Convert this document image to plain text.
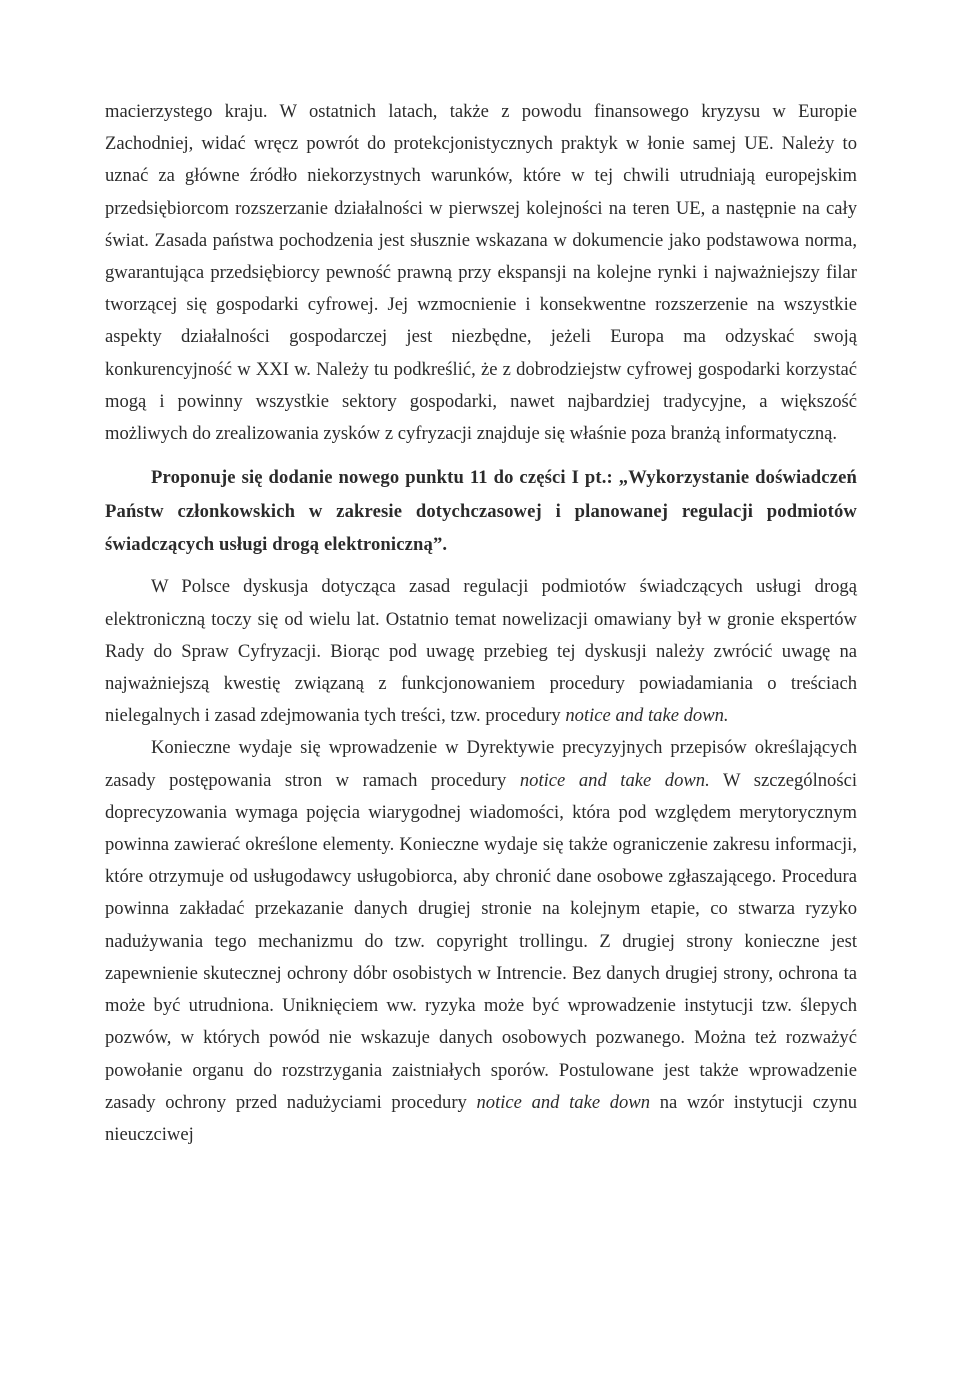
macierzystego kraju. W ostatnich latach, także z powodu finansowego kryzysu w Europie Zachodniej, widać wręcz powrót do protekcjonistycznych praktyk w łonie samej UE. Należy to uznać za główne źródło niekorzystnych warunków, które w tej chwili utrudniają europejskim przedsiębiorcom rozszerzanie działalności w pierwszej kolejności na teren UE, a następnie na cały świat. Zasada państwa pochodzenia jest słusznie wskazana w dokumencie jako podstawowa norma, gwarantująca przedsiębiorcy pewność prawną przy ekspansji na kolejne rynki i najważniejszy filar tworzącej się gospodarki cyfrowej. Jej wzmocnienie i konsekwentne rozszerzenie na wszystkie aspekty działalności gospodarczej jest niezbędne, jeżeli Europa ma odzyskać swoją konkurencyjność w XXI w. Należy tu podkreślić, że z dobrodziejstw cyfrowej gospodarki korzystać mogą i powinny wszystkie sektory gospodarki, nawet najbardziej tradycyjne, a większość możliwych do zrealizowania zysków z cyfryzacji znajduje się właśnie poza branżą informatyczną.

Proponuje się dodanie nowego punktu 11 do części I pt.: „Wykorzystanie doświadczeń Państw członkowskich w zakresie dotychczasowej i planowanej regulacji podmiotów świadczących usługi drogą elektroniczną”.

W Polsce dyskusja dotycząca zasad regulacji podmiotów świadczących usługi drogą elektroniczną toczy się od wielu lat. Ostatnio temat nowelizacji omawiany był w gronie ekspertów Rady do Spraw Cyfryzacji. Biorąc pod uwagę przebieg tej dyskusji należy zwrócić uwagę na najważniejszą kwestię związaną z funkcjonowaniem procedury powiadamiania o treściach nielegalnych i zasad zdejmowania tych treści, tzw. procedury notice and take down.

Konieczne wydaje się wprowadzenie w Dyrektywie precyzyjnych przepisów określających zasady postępowania stron w ramach procedury notice and take down. W szczególności doprecyzowania wymaga pojęcia wiarygodnej wiadomości, która pod względem merytorycznym powinna zawierać określone elementy. Konieczne wydaje się także ograniczenie zakresu informacji, które otrzymuje od usługodawcy usługobiorca, aby chronić dane osobowe zgłaszającego. Procedura powinna zakładać przekazanie danych drugiej stronie na kolejnym etapie, co stwarza ryzyko nadużywania tego mechanizmu do tzw. copyright trollingu. Z drugiej strony konieczne jest zapewnienie skutecznej ochrony dóbr osobistych w Intrencie. Bez danych drugiej strony, ochrona ta może być utrudniona. Uniknięciem ww. ryzyka może być wprowadzenie instytucji tzw. ślepych pozwów, w których powód nie wskazuje danych osobowych pozwanego. Można też rozważyć powołanie organu do rozstrzygania zaistniałych sporów. Postulowane jest także wprowadzenie zasady ochrony przed nadużyciami procedury notice and take down na wzór instytucji czynu nieuczciwej
